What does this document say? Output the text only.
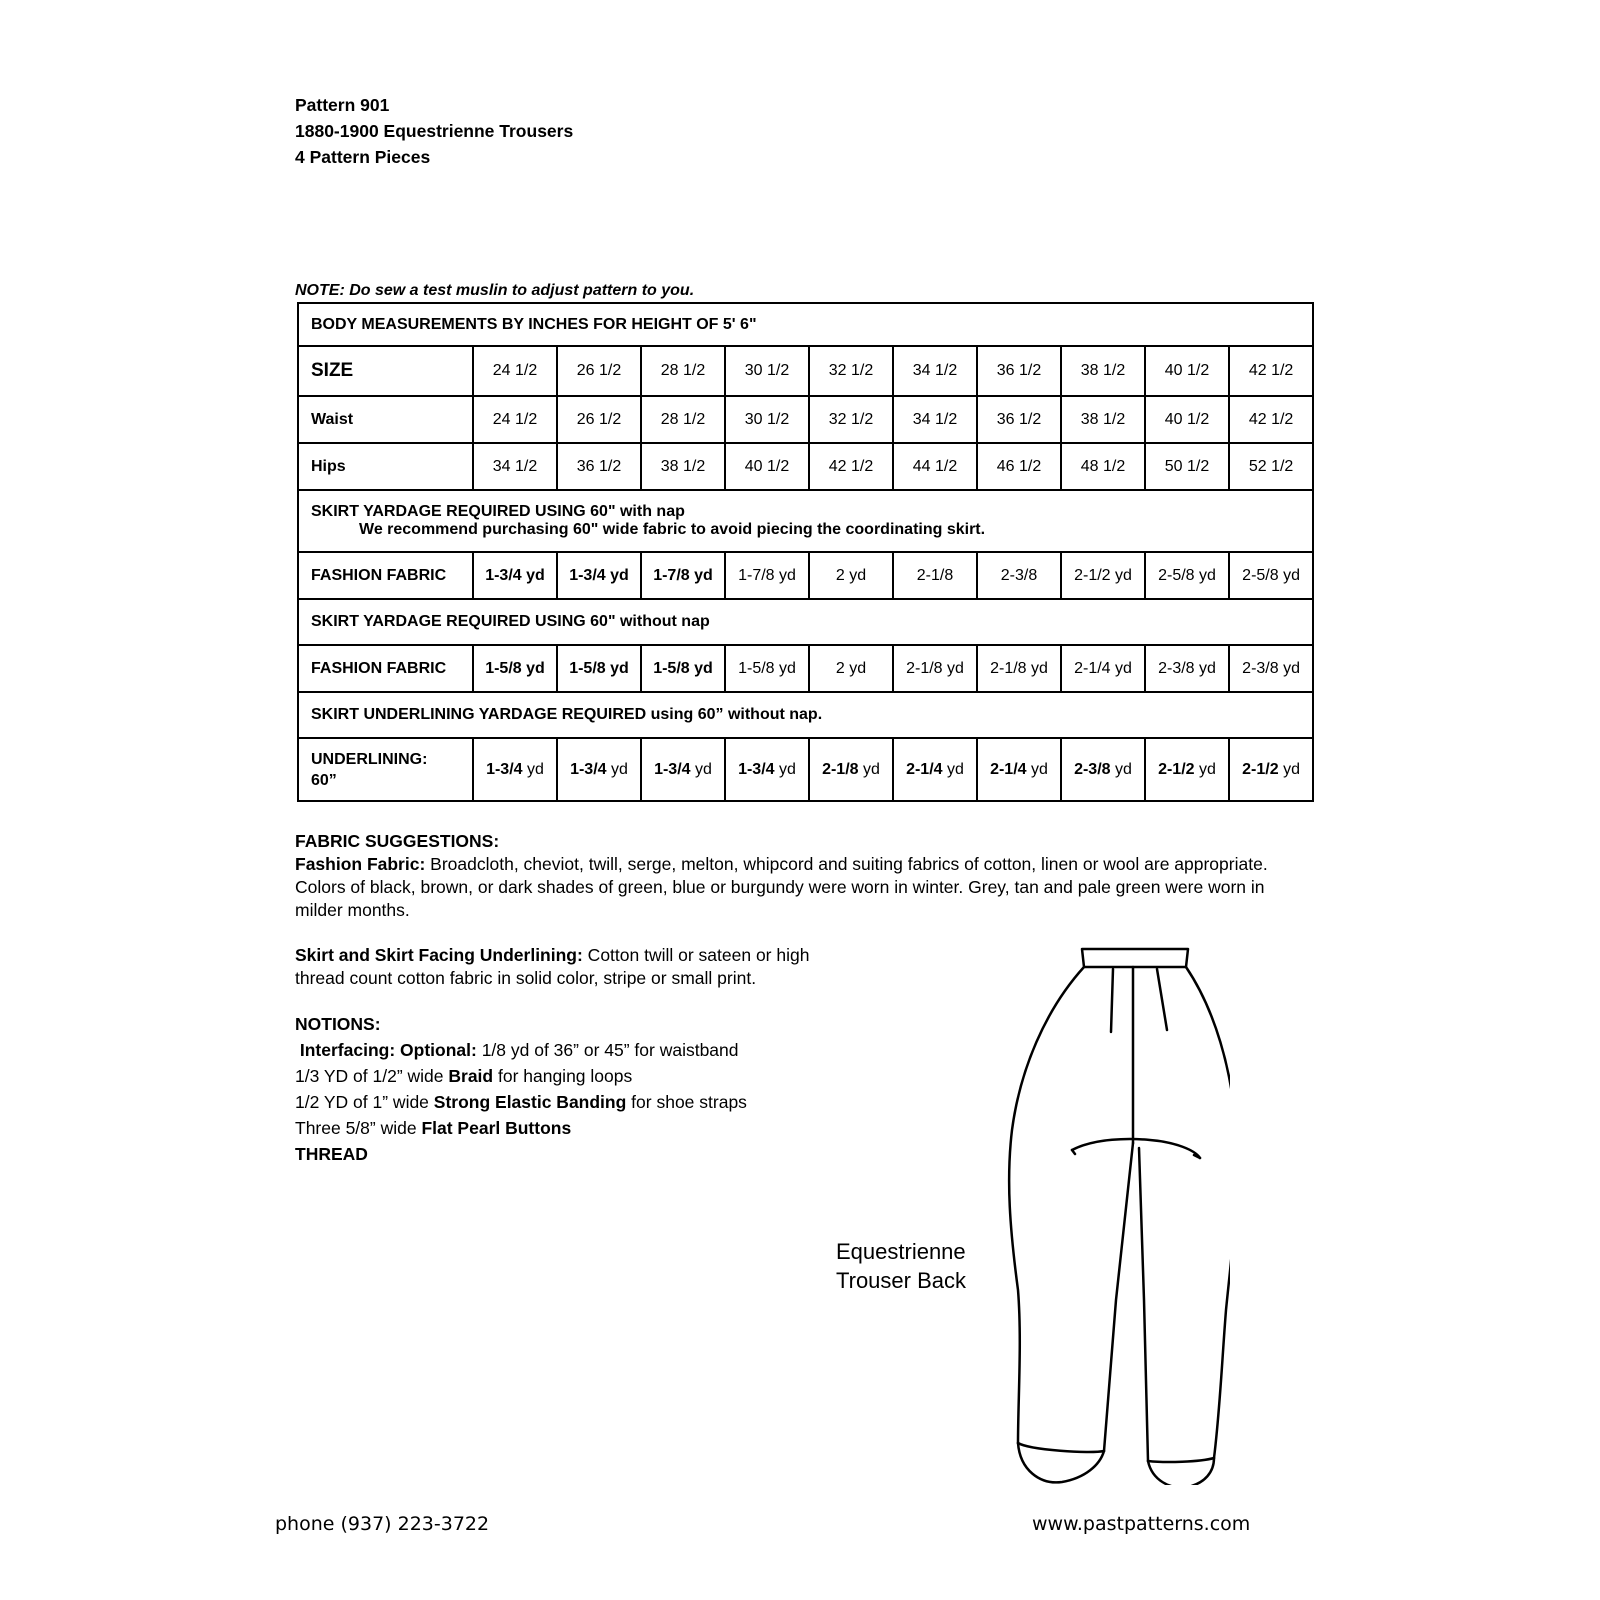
Pattern 901
1880-1900 Equestrienne Trousers
4 Pattern Pieces
NOTE: Do sew a test muslin to adjust pattern to you.
BODY MEASUREMENTS BY INCHES FOR HEIGHT OF 5' 6"										
SIZE	24 1/2	26 1/2	28 1/2	30 1/2	32 1/2	34 1/2	36 1/2	38 1/2	40 1/2	42 1/2
Waist	24 1/2	26 1/2	28 1/2	30 1/2	32 1/2	34 1/2	36 1/2	38 1/2	40 1/2	42 1/2
Hips	34 1/2	36 1/2	38 1/2	40 1/2	42 1/2	44 1/2	46 1/2	48 1/2	50 1/2	52 1/2
SKIRT YARDAGE REQUIRED USING 60" with nap
We recommend purchasing 60" wide fabric to avoid piecing the coordinating skirt.										

FASHION FABRIC	1-3/4 yd	1-3/4 yd	1-7/8 yd	1-7/8 yd	2 yd	2-1/8	2-3/8	2-1/2 yd	2-5/8 yd	2-5/8 yd
SKIRT YARDAGE REQUIRED USING 60" without nap										
FASHION FABRIC	1-5/8 yd	1-5/8 yd	1-5/8 yd	1-5/8 yd	2 yd	2-1/8 yd	2-1/8 yd	2-1/4 yd	2-3/8 yd	2-3/8 yd
SKIRT UNDERLINING YARDAGE REQUIRED using 60” without nap.										
UNDERLINING:
60”	1-3/4 yd	1-3/4 yd	1-3/4 yd	1-3/4 yd	2-1/8 yd	2-1/4 yd	2-1/4 yd	2-3/8 yd	2-1/2 yd	2-1/2 yd
FABRIC SUGGESTIONS:
Fashion Fabric: Broadcloth, cheviot, twill, serge, melton, whipcord and suiting fabrics of cotton, linen or wool are appropriate. Colors of black, brown, or dark shades of green, blue or burgundy were worn in winter. Grey, tan and pale green were worn in milder months.
Skirt and Skirt Facing Underlining: Cotton twill or sateen or high thread count cotton fabric in solid color, stripe or small print.
NOTIONS:
Interfacing: Optional: 1/8 yd of 36” or 45” for waistband
1/3 YD of 1/2” wide Braid for hanging loops
1/2 YD of 1” wide Strong Elastic Banding for shoe straps
Three 5/8” wide Flat Pearl Buttons
THREAD
Equestrienne
Trouser Back
phone (937) 223-3722	www.pastpatterns.com
